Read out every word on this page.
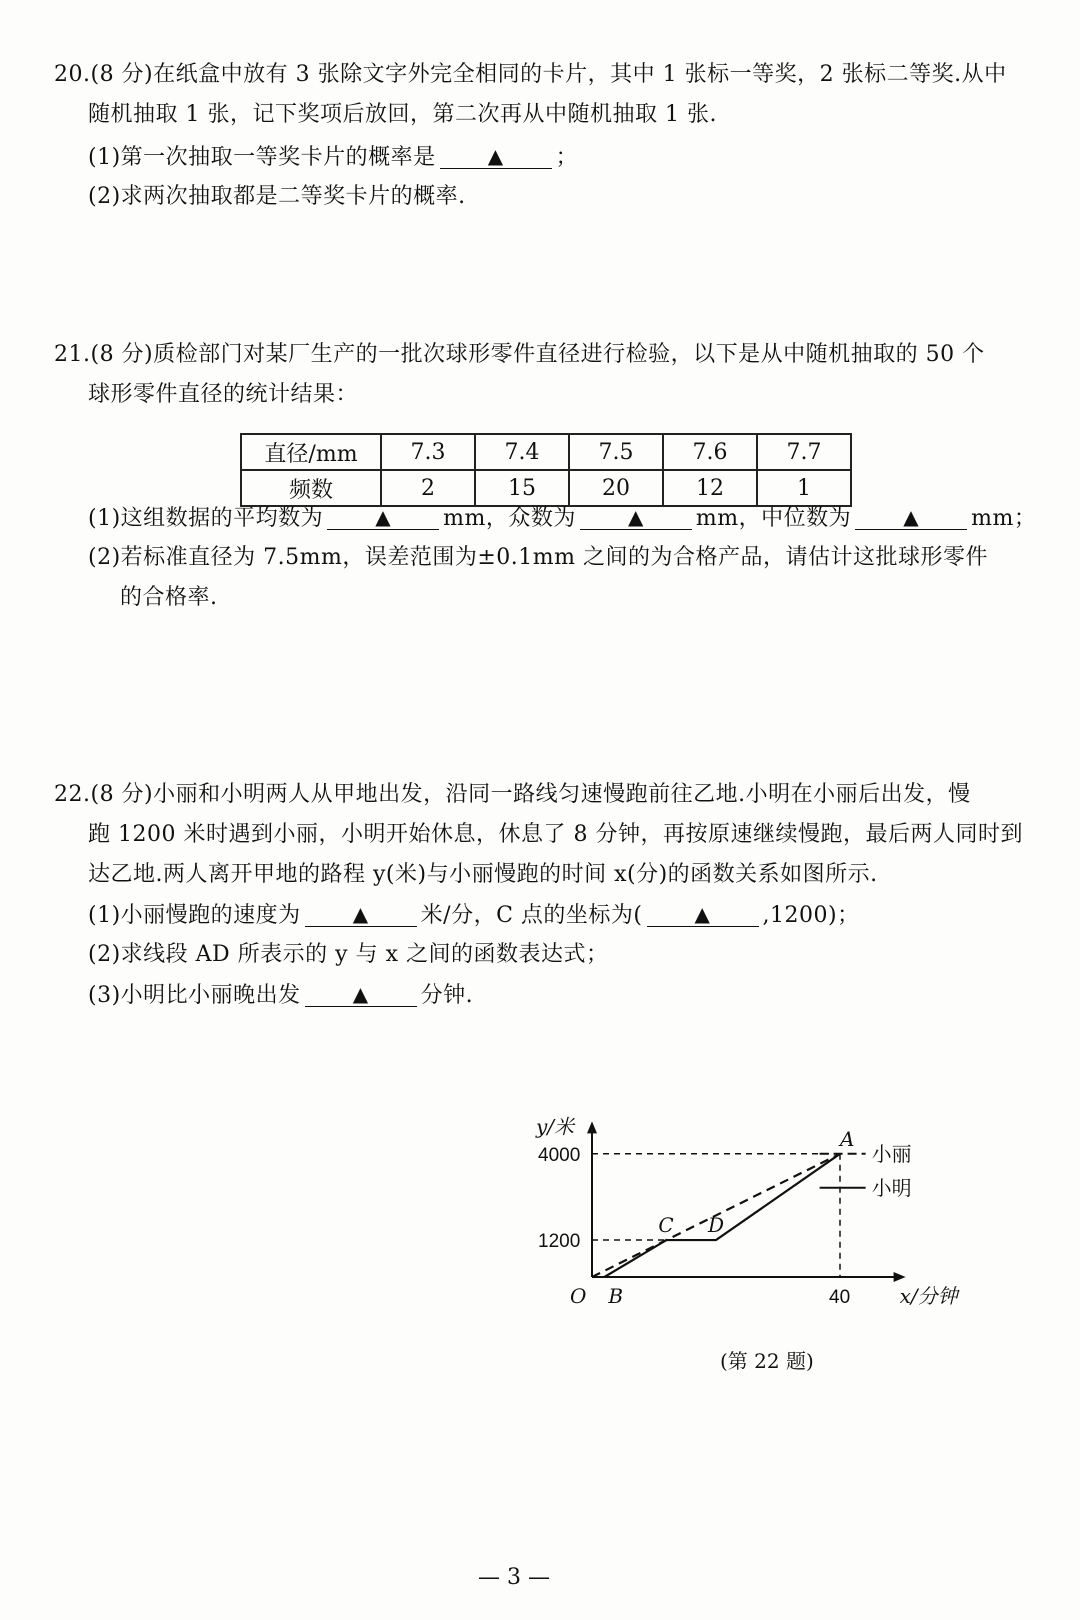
20.(8 分)在纸盒中放有 3 张除文字外完全相同的卡片，其中 1 张标一等奖，2 张标二等奖.从中
随机抽取 1 张，记下奖项后放回，第二次再从中随机抽取 1 张.
(1)第一次抽取一等奖卡片的概率是	▲ ；
(2)求两次抽取都是二等奖卡片的概率.
21.(8 分)质检部门对某厂生产的一批次球形零件直径进行检验，以下是从中随机抽取的 50 个
球形零件直径的统计结果：
直径/mm	7.3	7.4	7.5	7.6	7.7
频数	2	15	20	12	1
(1)这组数据的平均数为	▲ mm，众数为	▲ mm，中位数为	▲ mm；
(2)若标准直径为 7.5mm，误差范围为±0.1mm 之间的为合格产品，请估计这批球形零件
的合格率.
22.(8 分)小丽和小明两人从甲地出发，沿同一路线匀速慢跑前往乙地.小明在小丽后出发，慢
跑 1200 米时遇到小丽，小明开始休息，休息了 8 分钟，再按原速继续慢跑，最后两人同时到
达乙地.两人离开甲地的路程 y(米)与小丽慢跑的时间 x(分)的函数关系如图所示.
(1)小丽慢跑的速度为	▲ 米/分，C 点的坐标为(	▲ ,1200)；
(2)求线段 AD 所表示的 y 与 x 之间的函数表达式；
(3)小明比小丽晚出发	▲ 分钟.
y/米
x/分钟
O
1200
4000
40
A
B
C D
小丽
小明
(第 22 题)
— 3 —
